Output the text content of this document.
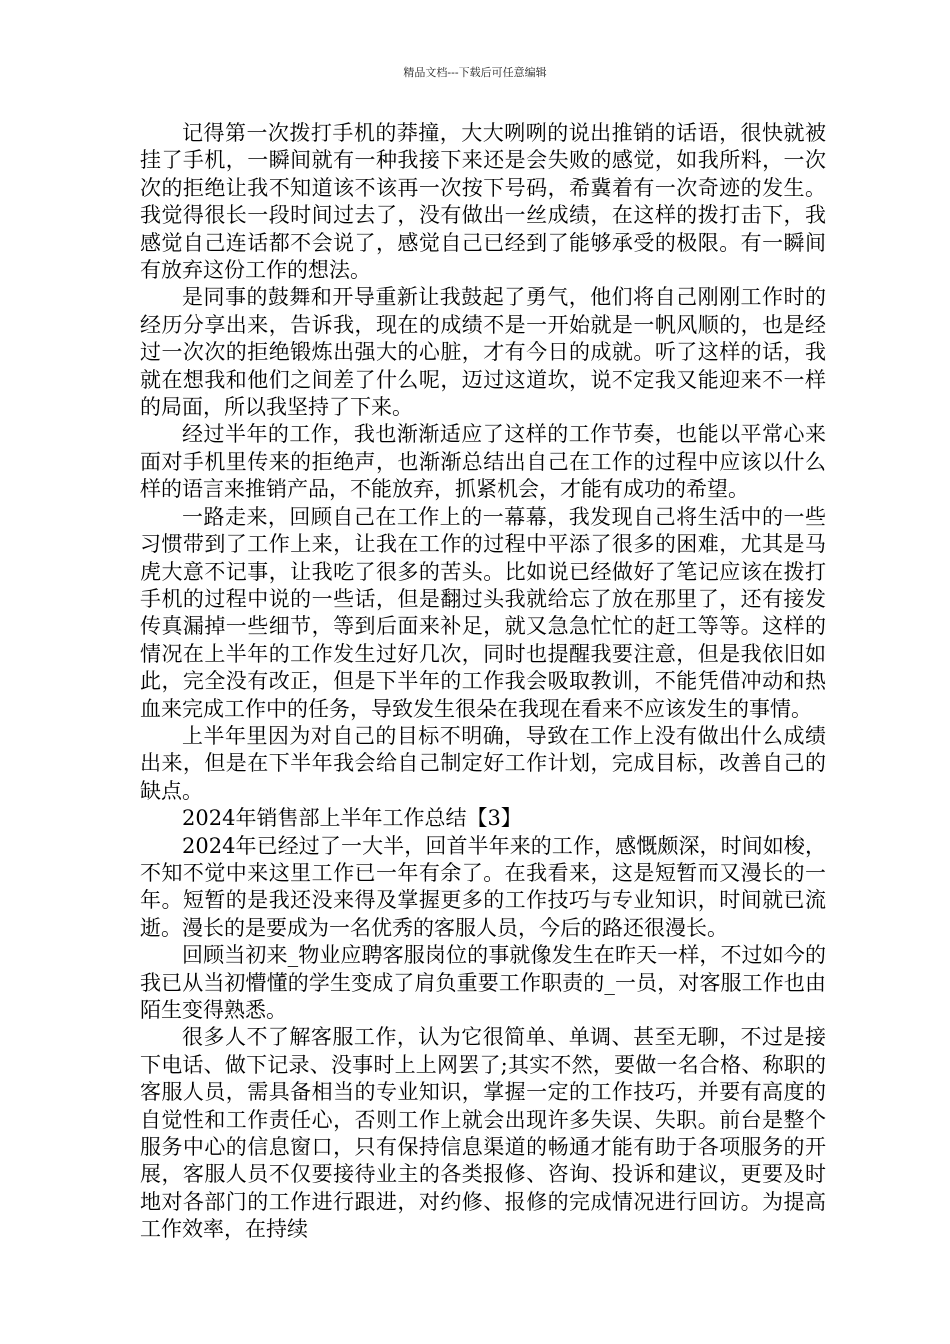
精品文档---下载后可任意编辑

记得第一次拨打手机的莽撞，大大咧咧的说出推销的话语，很快就被挂了手机，一瞬间就有一种我接下来还是会失败的感觉，如我所料，一次次的拒绝让我不知道该不该再一次按下号码，希冀着有一次奇迹的发生。我觉得很长一段时间过去了，没有做出一丝成绩，在这样的拨打击下，我感觉自己连话都不会说了，感觉自己已经到了能够承受的极限。有一瞬间有放弃这份工作的想法。

是同事的鼓舞和开导重新让我鼓起了勇气，他们将自己刚刚工作时的经历分享出来，告诉我，现在的成绩不是一开始就是一帆风顺的，也是经过一次次的拒绝锻炼出强大的心脏，才有今日的成就。听了这样的话，我就在想我和他们之间差了什么呢，迈过这道坎，说不定我又能迎来不一样的局面，所以我坚持了下来。

经过半年的工作，我也渐渐适应了这样的工作节奏，也能以平常心来面对手机里传来的拒绝声，也渐渐总结出自己在工作的过程中应该以什么样的语言来推销产品，不能放弃，抓紧机会，才能有成功的希望。

一路走来，回顾自己在工作上的一幕幕，我发现自己将生活中的一些习惯带到了工作上来，让我在工作的过程中平添了很多的困难，尤其是马虎大意不记事，让我吃了很多的苦头。比如说已经做好了笔记应该在拨打手机的过程中说的一些话，但是翻过头我就给忘了放在那里了，还有接发传真漏掉一些细节，等到后面来补足，就又急急忙忙的赶工等等。这样的情况在上半年的工作发生过好几次，同时也提醒我要注意，但是我依旧如此，完全没有改正，但是下半年的工作我会吸取教训，不能凭借冲动和热血来完成工作中的任务，导致发生很朵在我现在看来不应该发生的事情。

上半年里因为对自己的目标不明确，导致在工作上没有做出什么成绩出来，但是在下半年我会给自己制定好工作计划，完成目标，改善自己的缺点。

2024年销售部上半年工作总结【3】

2024年已经过了一大半，回首半年来的工作，感慨颇深，时间如梭，不知不觉中来这里工作已一年有余了。在我看来，这是短暂而又漫长的一年。短暂的是我还没来得及掌握更多的工作技巧与专业知识，时间就已流逝。漫长的是要成为一名优秀的客服人员，今后的路还很漫长。

回顾当初来_物业应聘客服岗位的事就像发生在昨天一样，不过如今的我已从当初懵懂的学生变成了肩负重要工作职责的_一员，对客服工作也由陌生变得熟悉。

很多人不了解客服工作，认为它很简单、单调、甚至无聊，不过是接下电话、做下记录、没事时上上网罢了;其实不然，要做一名合格、称职的客服人员，需具备相当的专业知识，掌握一定的工作技巧，并要有高度的自觉性和工作责任心，否则工作上就会出现许多失误、失职。前台是整个服务中心的信息窗口，只有保持信息渠道的畅通才能有助于各项服务的开展，客服人员不仅要接待业主的各类报修、咨询、投诉和建议，更要及时地对各部门的工作进行跟进，对约修、报修的完成情况进行回访。为提高工作效率，在持续
